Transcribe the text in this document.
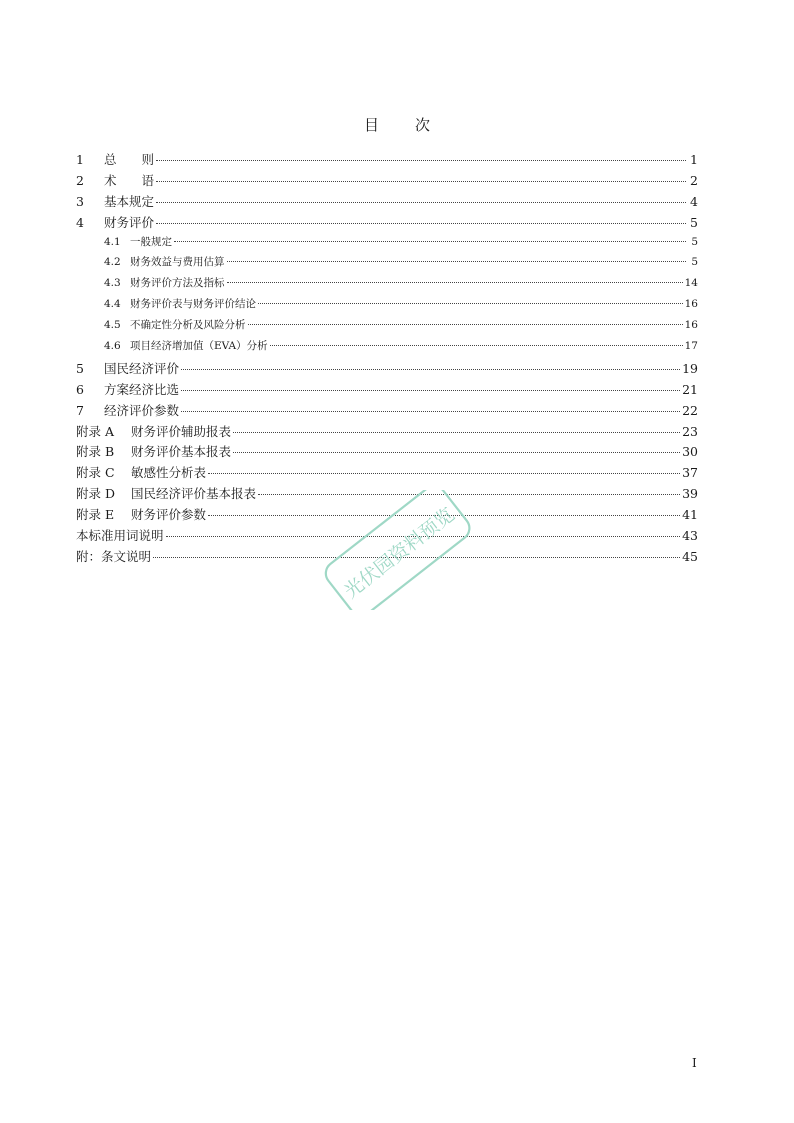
目 次
1	总　　则	1
2	术　　语	2
3	基本规定	4
4	财务评价	5
4.1 一般规定	5
4.2 财务效益与费用估算	5
4.3 财务评价方法及指标	14
4.4 财务评价表与财务评价结论	16
4.5 不确定性分析及风险分析	16
4.6 项目经济增加值（EVA）分析	17
5	国民经济评价	19
6	方案经济比选	21
7	经济评价参数	22
附录 A	财务评价辅助报表	23
附录 B	财务评价基本报表	30
附录 C	敏感性分析表	37
附录 D	国民经济评价基本报表	39
附录 E	财务评价参数	41
本标准用词说明	43
附：条文说明	45
光伏园资料预览
I
